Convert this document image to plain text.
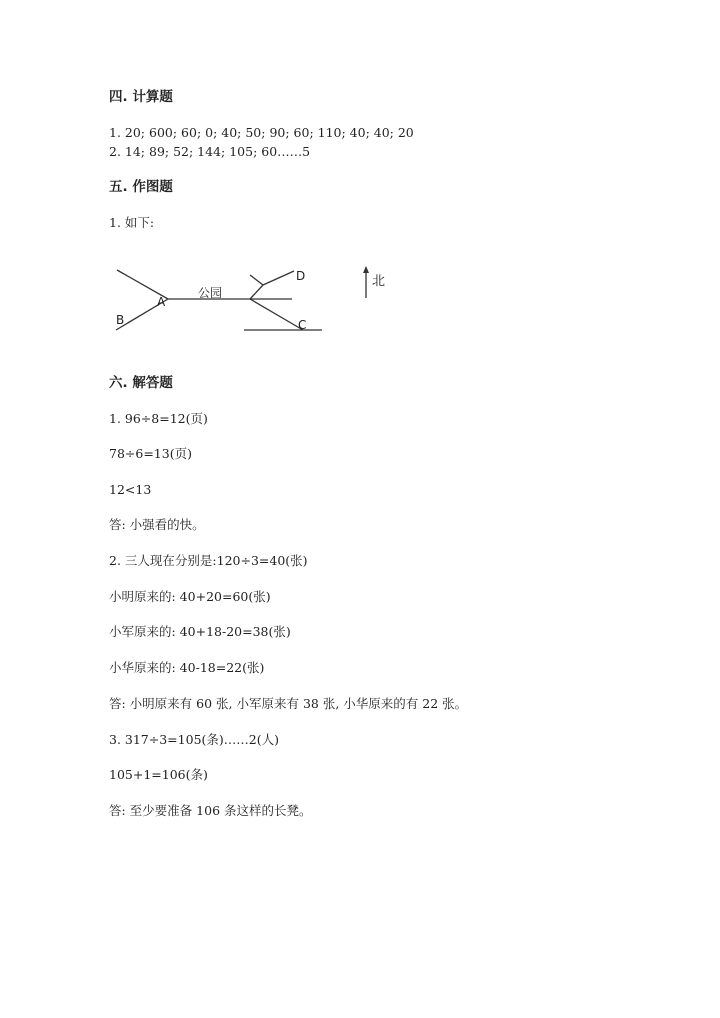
四. 计算题
1. 20; 600; 60; 0; 40; 50; 90; 60; 110; 40; 40; 20
2. 14; 89; 52; 144; 105; 60……5
五. 作图题
1. 如下:
A
B	C
D
公园
北
六. 解答题
1. 96÷8=12(页)
78÷6=13(页)
12<13
答: 小强看的快。
2. 三人现在分别是:120÷3=40(张)
小明原来的: 40+20=60(张)
小军原来的: 40+18-20=38(张)
小华原来的: 40-18=22(张)
答: 小明原来有 60 张, 小军原来有 38 张, 小华原来的有 22 张。
3. 317÷3=105(条)……2(人)
105+1=106(条)
答: 至少要准备 106 条这样的长凳。
